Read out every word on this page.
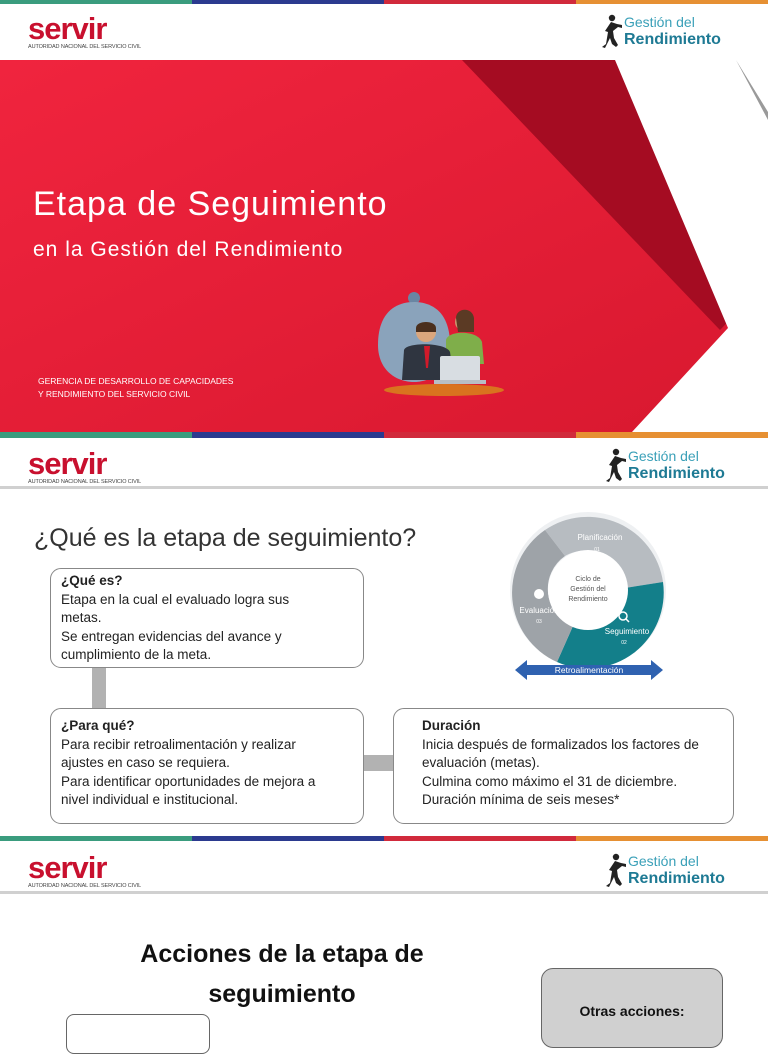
servir
AUTORIDAD NACIONAL DEL SERVICIO CIVIL
Gestión del
Rendimiento
Etapa de Seguimiento
en la Gestión del Rendimiento
GERENCIA DE DESARROLLO DE CAPACIDADES
Y RENDIMIENTO DEL SERVICIO CIVIL
servir
AUTORIDAD NACIONAL DEL SERVICIO CIVIL
Gestión del
Rendimiento
¿Qué es la etapa de seguimiento?
¿Qué es?
Etapa en la cual el evaluado logra sus
metas.
Se entregan evidencias del avance y
cumplimiento de la meta.
¿Para qué?
Para recibir retroalimentación y realizar
ajustes en caso se requiera.
Para identificar oportunidades de mejora a
nivel individual e institucional.
Duración
Inicia después de formalizados los factores de
evaluación (metas).
Culmina como máximo el 31 de diciembre.
Duración mínima de seis meses*
Ciclo de
Gestión del
Rendimiento
Planificación
01
Seguimiento
02
Evaluación
03
Retroalimentación
servir
AUTORIDAD NACIONAL DEL SERVICIO CIVIL
Gestión del
Rendimiento
Acciones de la etapa de
seguimiento
Otras acciones:
